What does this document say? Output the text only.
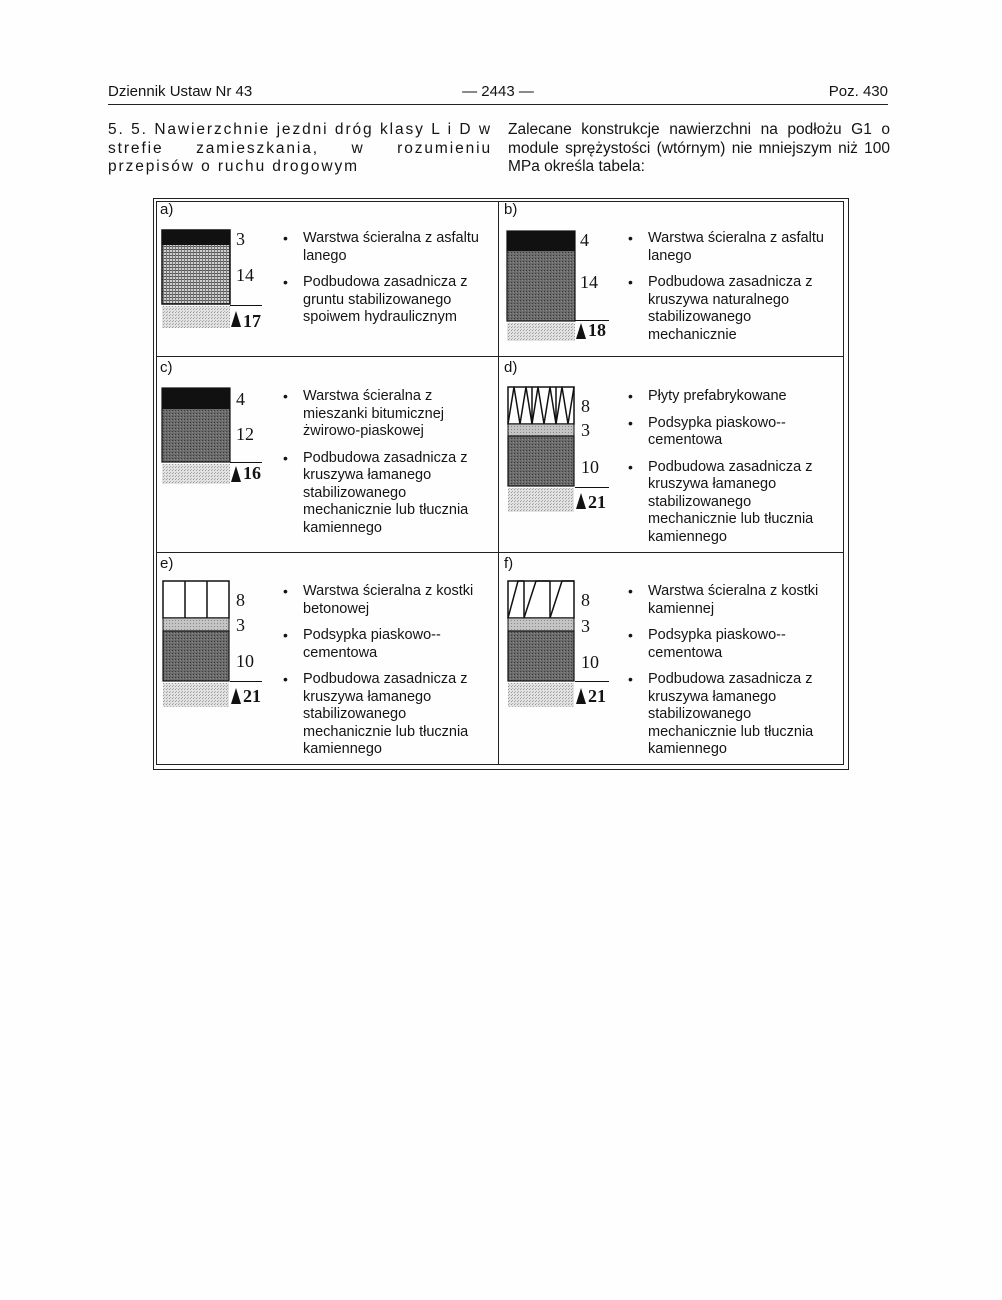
Dziennik Ustaw Nr 43	— 2443 —	Poz. 430
5. 5. Nawierzchnie jezdni dróg klasy L i D w strefie zamieszkania, w rozumieniu przepisów o ruchu drogowym
Zalecane konstrukcje nawierzchni na podłożu G1 o module sprężystości (wtórnym) nie mniejszym niż 100 MPa określa tabela:
a)
3
14
17
• Warstwa ścieralna z asfaltu lanego
• Podbudowa zasadnicza z gruntu stabilizowanego spoiwem hydraulicznym
b)
4
14
18
• Warstwa ścieralna z asfaltu lanego
• Podbudowa zasadnicza z kruszywa naturalnego stabilizowanego mechanicznie
c)
4
12
16
• Warstwa ścieralna z mieszanki bitumicznej żwirowo-piaskowej
• Podbudowa zasadnicza z kruszywa łamanego stabilizowanego mechanicznie lub tłucznia kamiennego
d)
8
3
10
21
• Płyty prefabrykowane
• Podsypka piaskowo--cementowa
• Podbudowa zasadnicza z kruszywa łamanego stabilizowanego mechanicznie lub tłucznia kamiennego
e)
8
3
10
21
• Warstwa ścieralna z kostki betonowej
• Podsypka piaskowo--cementowa
• Podbudowa zasadnicza z kruszywa łamanego stabilizowanego mechanicznie lub tłucznia kamiennego
f)
8
3
10
21
• Warstwa ścieralna z kostki kamiennej
• Podsypka piaskowo--cementowa
• Podbudowa zasadnicza z kruszywa łamanego stabilizowanego mechanicznie lub tłucznia kamiennego
